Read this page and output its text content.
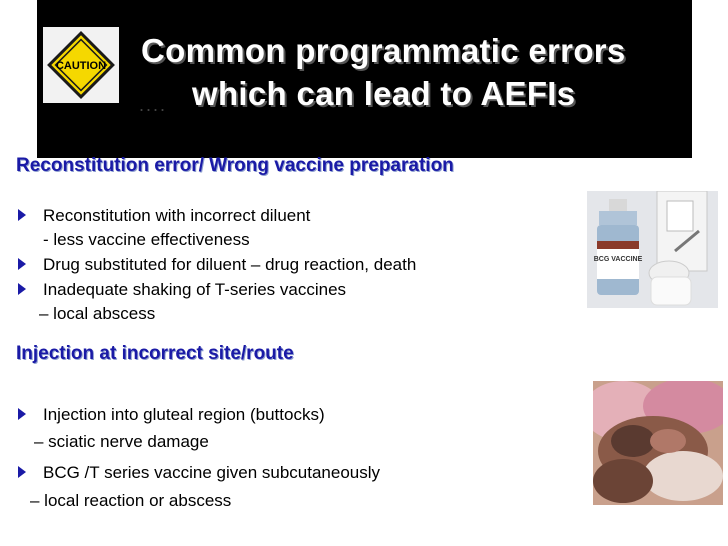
CAUTION Common programmatic errors
.... which can lead to AEFIs
Reconstitution error/ Wrong vaccine preparation
Reconstitution with incorrect diluent
- less vaccine effectiveness
Drug substituted for diluent – drug reaction, death
Inadequate shaking of T-series vaccines
– local abscess
Injection at incorrect site/route
Injection into gluteal region (buttocks)
– sciatic nerve damage
BCG /T series vaccine given subcutaneously
– local reaction or abscess
BCG VACCINE
